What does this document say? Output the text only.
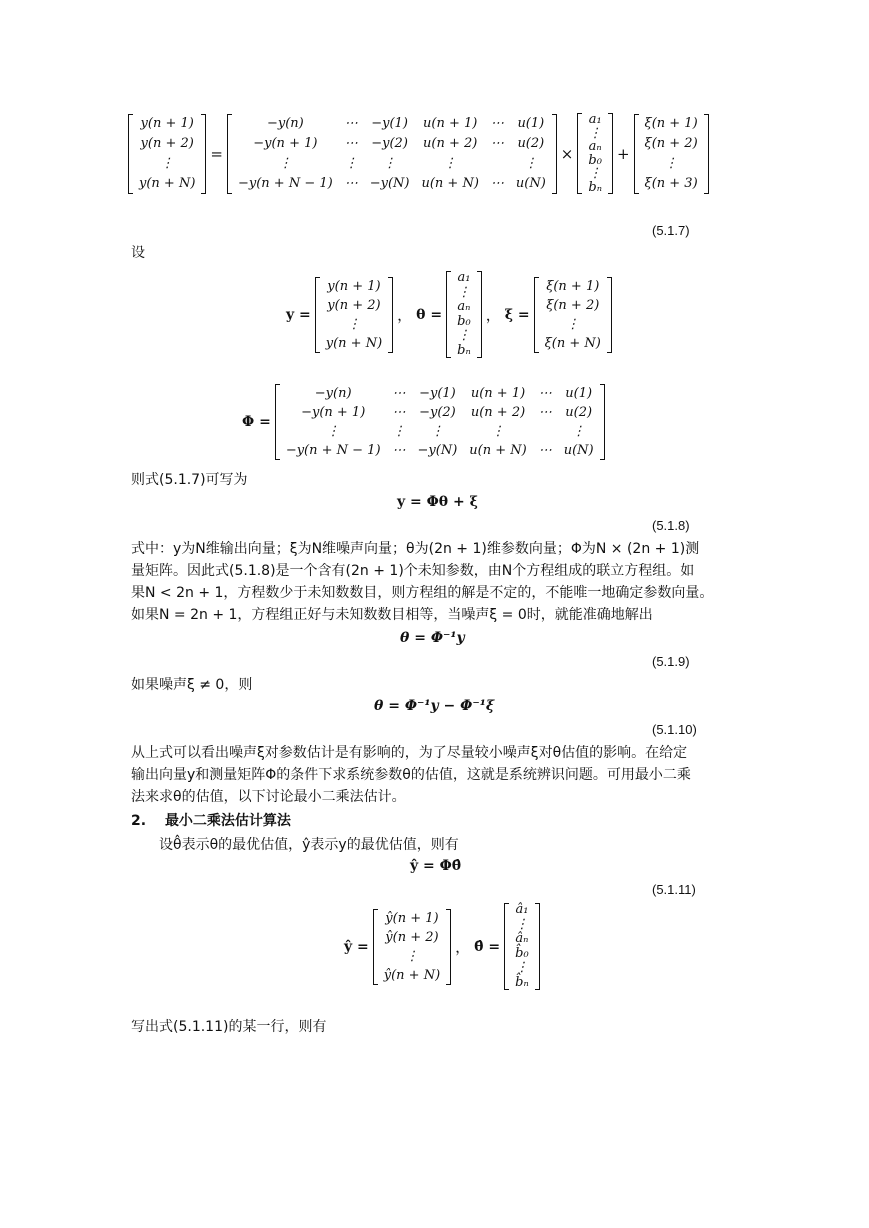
y(n + 1)
y(n + 2)
⋮
y(n + N)
=
−y(n)	⋯	−y(1)	u(n + 1)	⋯	u(1)
−y(n + 1)	⋯	−y(2)	u(n + 2)	⋯	u(2)
⋮	⋮	⋮	⋮		⋮
−y(n + N − 1)	⋯	−y(N)	u(n + N)	⋯	u(N)
×
a₁
⋮
aₙ
b₀
⋮
bₙ
+
ξ(n + 1)
ξ(n + 2)
⋮
ξ(n + 3)
(5.1.7)
设
y =
y(n + 1)
y(n + 2)
⋮
y(n + N)
， θ =
a₁
⋮
aₙ
b₀
⋮
bₙ
， ξ =
ξ(n + 1)
ξ(n + 2)
⋮
ξ(n + N)
Φ =
−y(n)	⋯	−y(1)	u(n + 1)	⋯	u(1)
−y(n + 1)	⋯	−y(2)	u(n + 2)	⋯	u(2)
⋮	⋮	⋮	⋮		⋮
−y(n + N − 1)	⋯	−y(N)	u(n + N)	⋯	u(N)
则式(5.1.7)可写为
y = Φθ + ξ
(5.1.8)
式中：y为N维输出向量；ξ为N维噪声向量；θ为(2n + 1)维参数向量；Φ为N × (2n + 1)测
量矩阵。因此式(5.1.8)是一个含有(2n + 1)个未知参数，由N个方程组成的联立方程组。如
果N < 2n + 1，方程数少于未知数数目，则方程组的解是不定的，不能唯一地确定参数向量。
如果N = 2n + 1，方程组正好与未知数数目相等，当噪声ξ = 0时，就能准确地解出
θ = Φ⁻¹y
(5.1.9)
如果噪声ξ ≠ 0，则
θ = Φ⁻¹y − Φ⁻¹ξ
(5.1.10)
从上式可以看出噪声ξ对参数估计是有影响的，为了尽量较小噪声ξ对θ估值的影响。在给定
输出向量y和测量矩阵Φ的条件下求系统参数θ的估值，这就是系统辨识问题。可用最小二乘
法来求θ的估值，以下讨论最小二乘法估计。
2. 最小二乘法估计算法
设θ̂表示θ的最优估值，ŷ表示y的最优估值，则有
ŷ = Φθ̂
(5.1.11)
ŷ =
ŷ(n + 1)
ŷ(n + 2)
⋮
ŷ(n + N)
， θ̂ =
â₁
⋮
âₙ
b̂₀
⋮
b̂ₙ
写出式(5.1.11)的某一行，则有
